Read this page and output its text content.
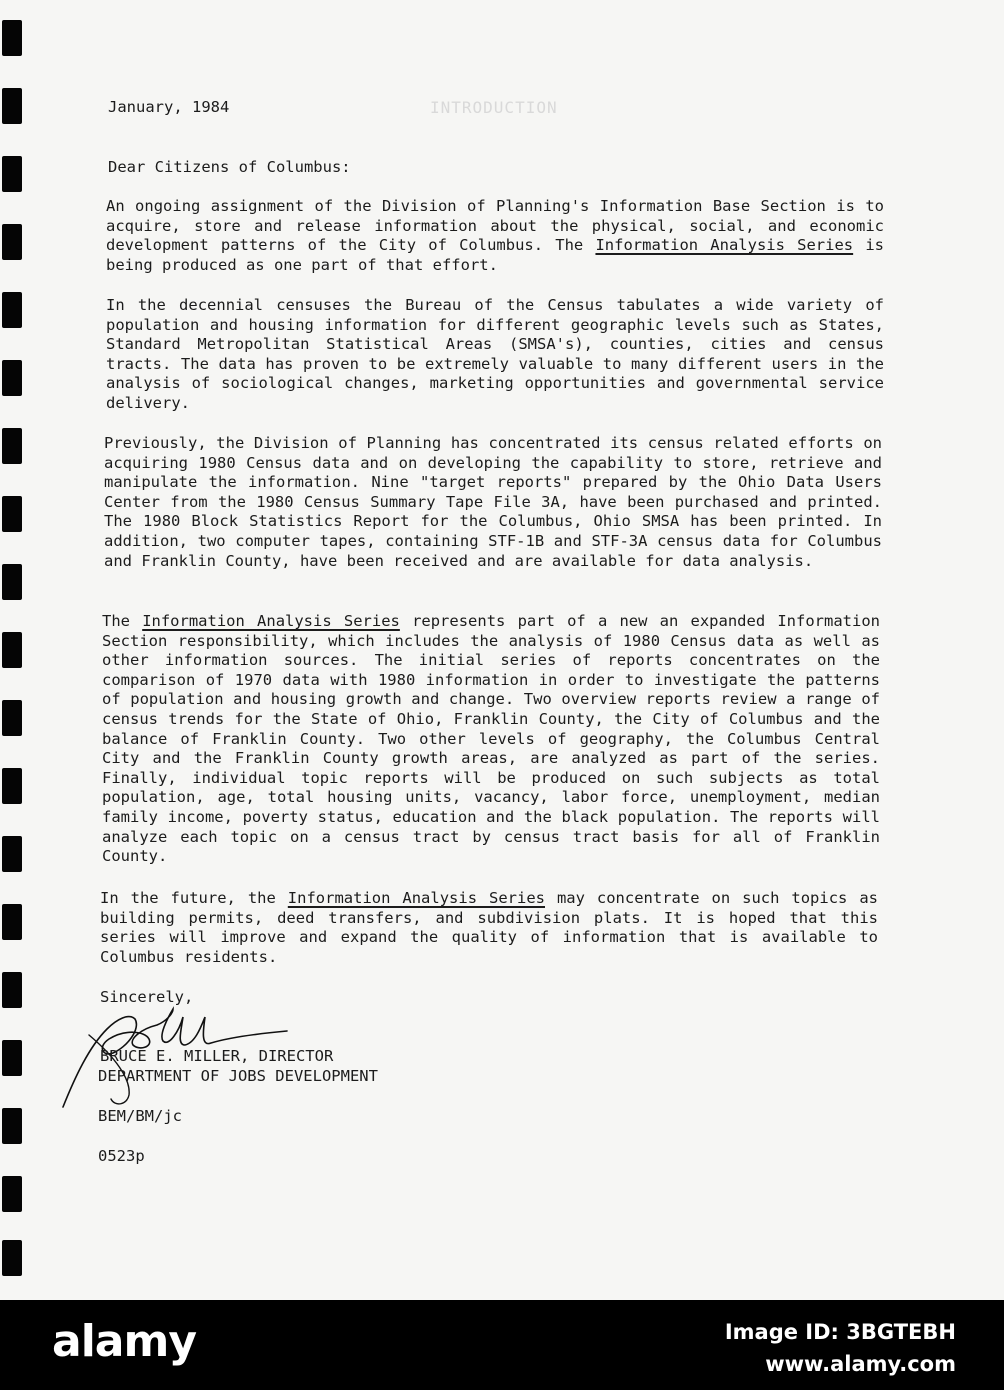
INTRODUCTION
January, 1984
Dear Citizens of Columbus:
An ongoing assignment of the Division of Planning's Information Base Section is to acquire, store and release information about the physical, social, and economic development patterns of the City of Columbus. The Information Analysis Series is being produced as one part of that effort.
In the decennial censuses the Bureau of the Census tabulates a wide variety of population and housing information for different geographic levels such as States, Standard Metropolitan Statistical Areas (SMSA's), counties, cities and census tracts. The data has proven to be extremely valuable to many different users in the analysis of sociological changes, marketing opportunities and governmental service delivery.
Previously, the Division of Planning has concentrated its census related efforts on acquiring 1980 Census data and on developing the capability to store, retrieve and manipulate the information. Nine "target reports" prepared by the Ohio Data Users Center from the 1980 Census Summary Tape File 3A, have been purchased and printed. The 1980 Block Statistics Report for the Columbus, Ohio SMSA has been printed. In addition, two computer tapes, containing STF-1B and STF-3A census data for Columbus and Franklin County, have been received and are available for data analysis.
The Information Analysis Series represents part of a new an expanded Information Section responsibility, which includes the analysis of 1980 Census data as well as other information sources. The initial series of reports concentrates on the comparison of 1970 data with 1980 information in order to investigate the patterns of population and housing growth and change. Two overview reports review a range of census trends for the State of Ohio, Franklin County, the City of Columbus and the balance of Franklin County. Two other levels of geography, the Columbus Central City and the Franklin County growth areas, are analyzed as part of the series. Finally, individual topic reports will be produced on such subjects as total population, age, total housing units, vacancy, labor force, unemployment, median family income, poverty status, education and the black population. The reports will analyze each topic on a census tract by census tract basis for all of Franklin County.
In the future, the Information Analysis Series may concentrate on such topics as building permits, deed transfers, and subdivision plats. It is hoped that this series will improve and expand the quality of information that is available to Columbus residents.
Sincerely,
BRUCE E. MILLER, DIRECTOR
DEPARTMENT OF JOBS DEVELOPMENT
BEM/BM/jc
0523p
alamy	Image ID: 3BGTEBH
www.alamy.com
